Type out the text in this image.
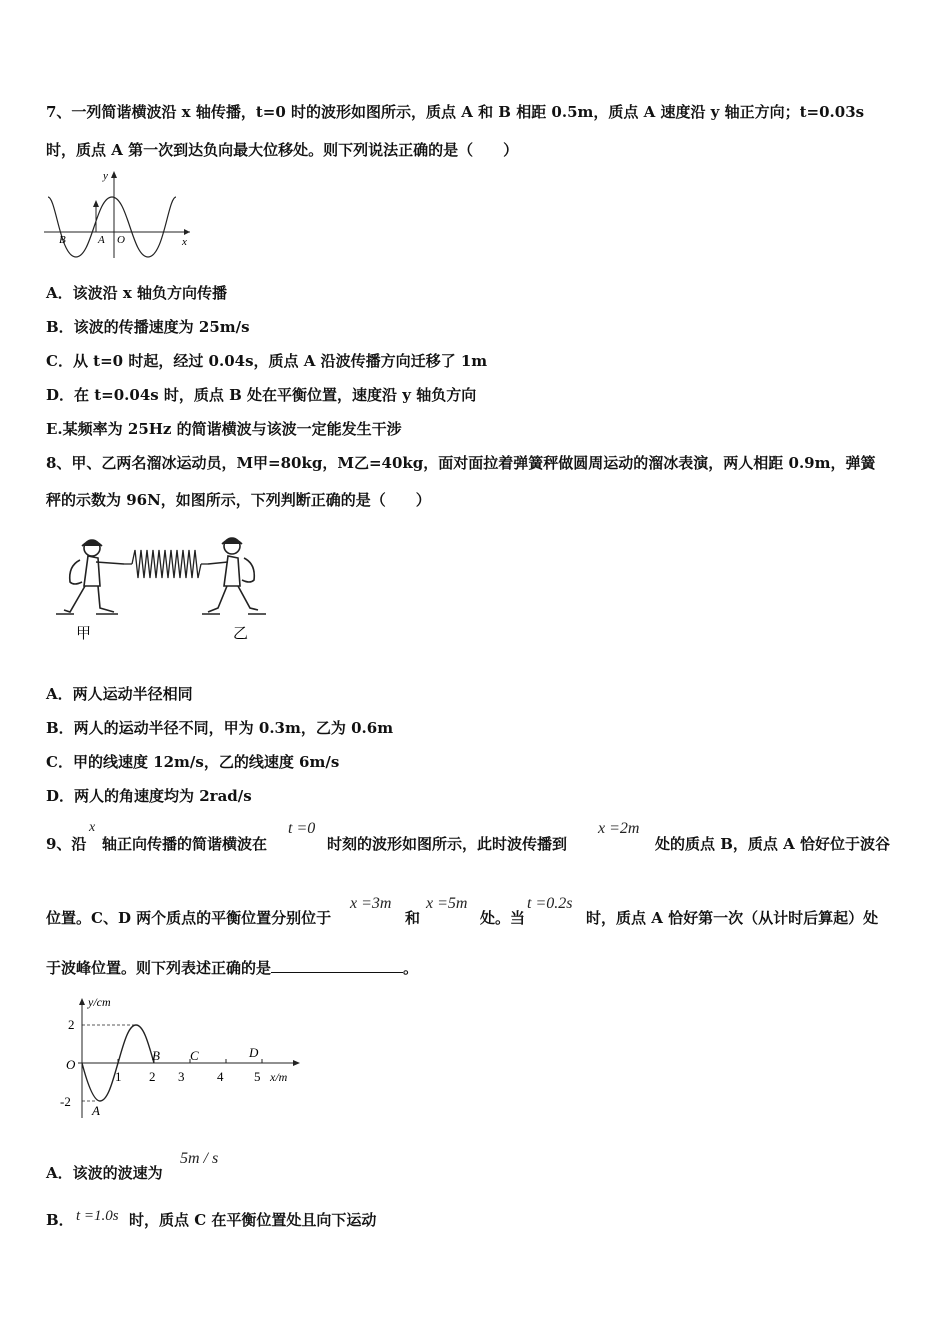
7、一列简谐横波沿 x 轴传播，t=0 时的波形如图所示，质点 A 和 B 相距 0.5m，质点 A 速度沿 y 轴正方向；t=0.03s
时，质点 A 第一次到达负向最大位移处。则下列说法正确的是（　　）
y
x
B	A O
A．该波沿 x 轴负方向传播
B．该波的传播速度为 25m/s
C．从 t=0 时起，经过 0.04s，质点 A 沿波传播方向迁移了 1m
D．在 t=0.04s 时，质点 B 处在平衡位置，速度沿 y 轴负方向
E.某频率为 25Hz 的简谐横波与该波一定能发生干涉
8、甲、乙两名溜冰运动员，M甲=80kg，M乙=40kg，面对面拉着弹簧秤做圆周运动的溜冰表演，两人相距 0.9m，弹簧
秤的示数为 96N，如图所示，下列判断正确的是（　　）
甲	乙
A．两人运动半径相同
B．两人的运动半径不同，甲为 0.3m，乙为 0.6m
C．甲的线速度 12m/s，乙的线速度 6m/s
D．两人的角速度均为 2rad/s
9、沿
x
轴正向传播的简谐横波在
t =0
时刻的波形如图所示，此时波传播到
x =2m
处的质点 B，质点 A 恰好位于波谷
位置。C、D 两个质点的平衡位置分别位于
x =3m
和
x =5m
处。当
t =0.2s
时，质点 A 恰好第一次（从计时后算起）处
于波峰位置。则下列表述正确的是	。
y/cm
2
O
-2
1 2 3	4 5 x/m
B C	D
A
A．该波的波速为
5m / s
B． t =1.0s 时，质点 C 在平衡位置处且向下运动
